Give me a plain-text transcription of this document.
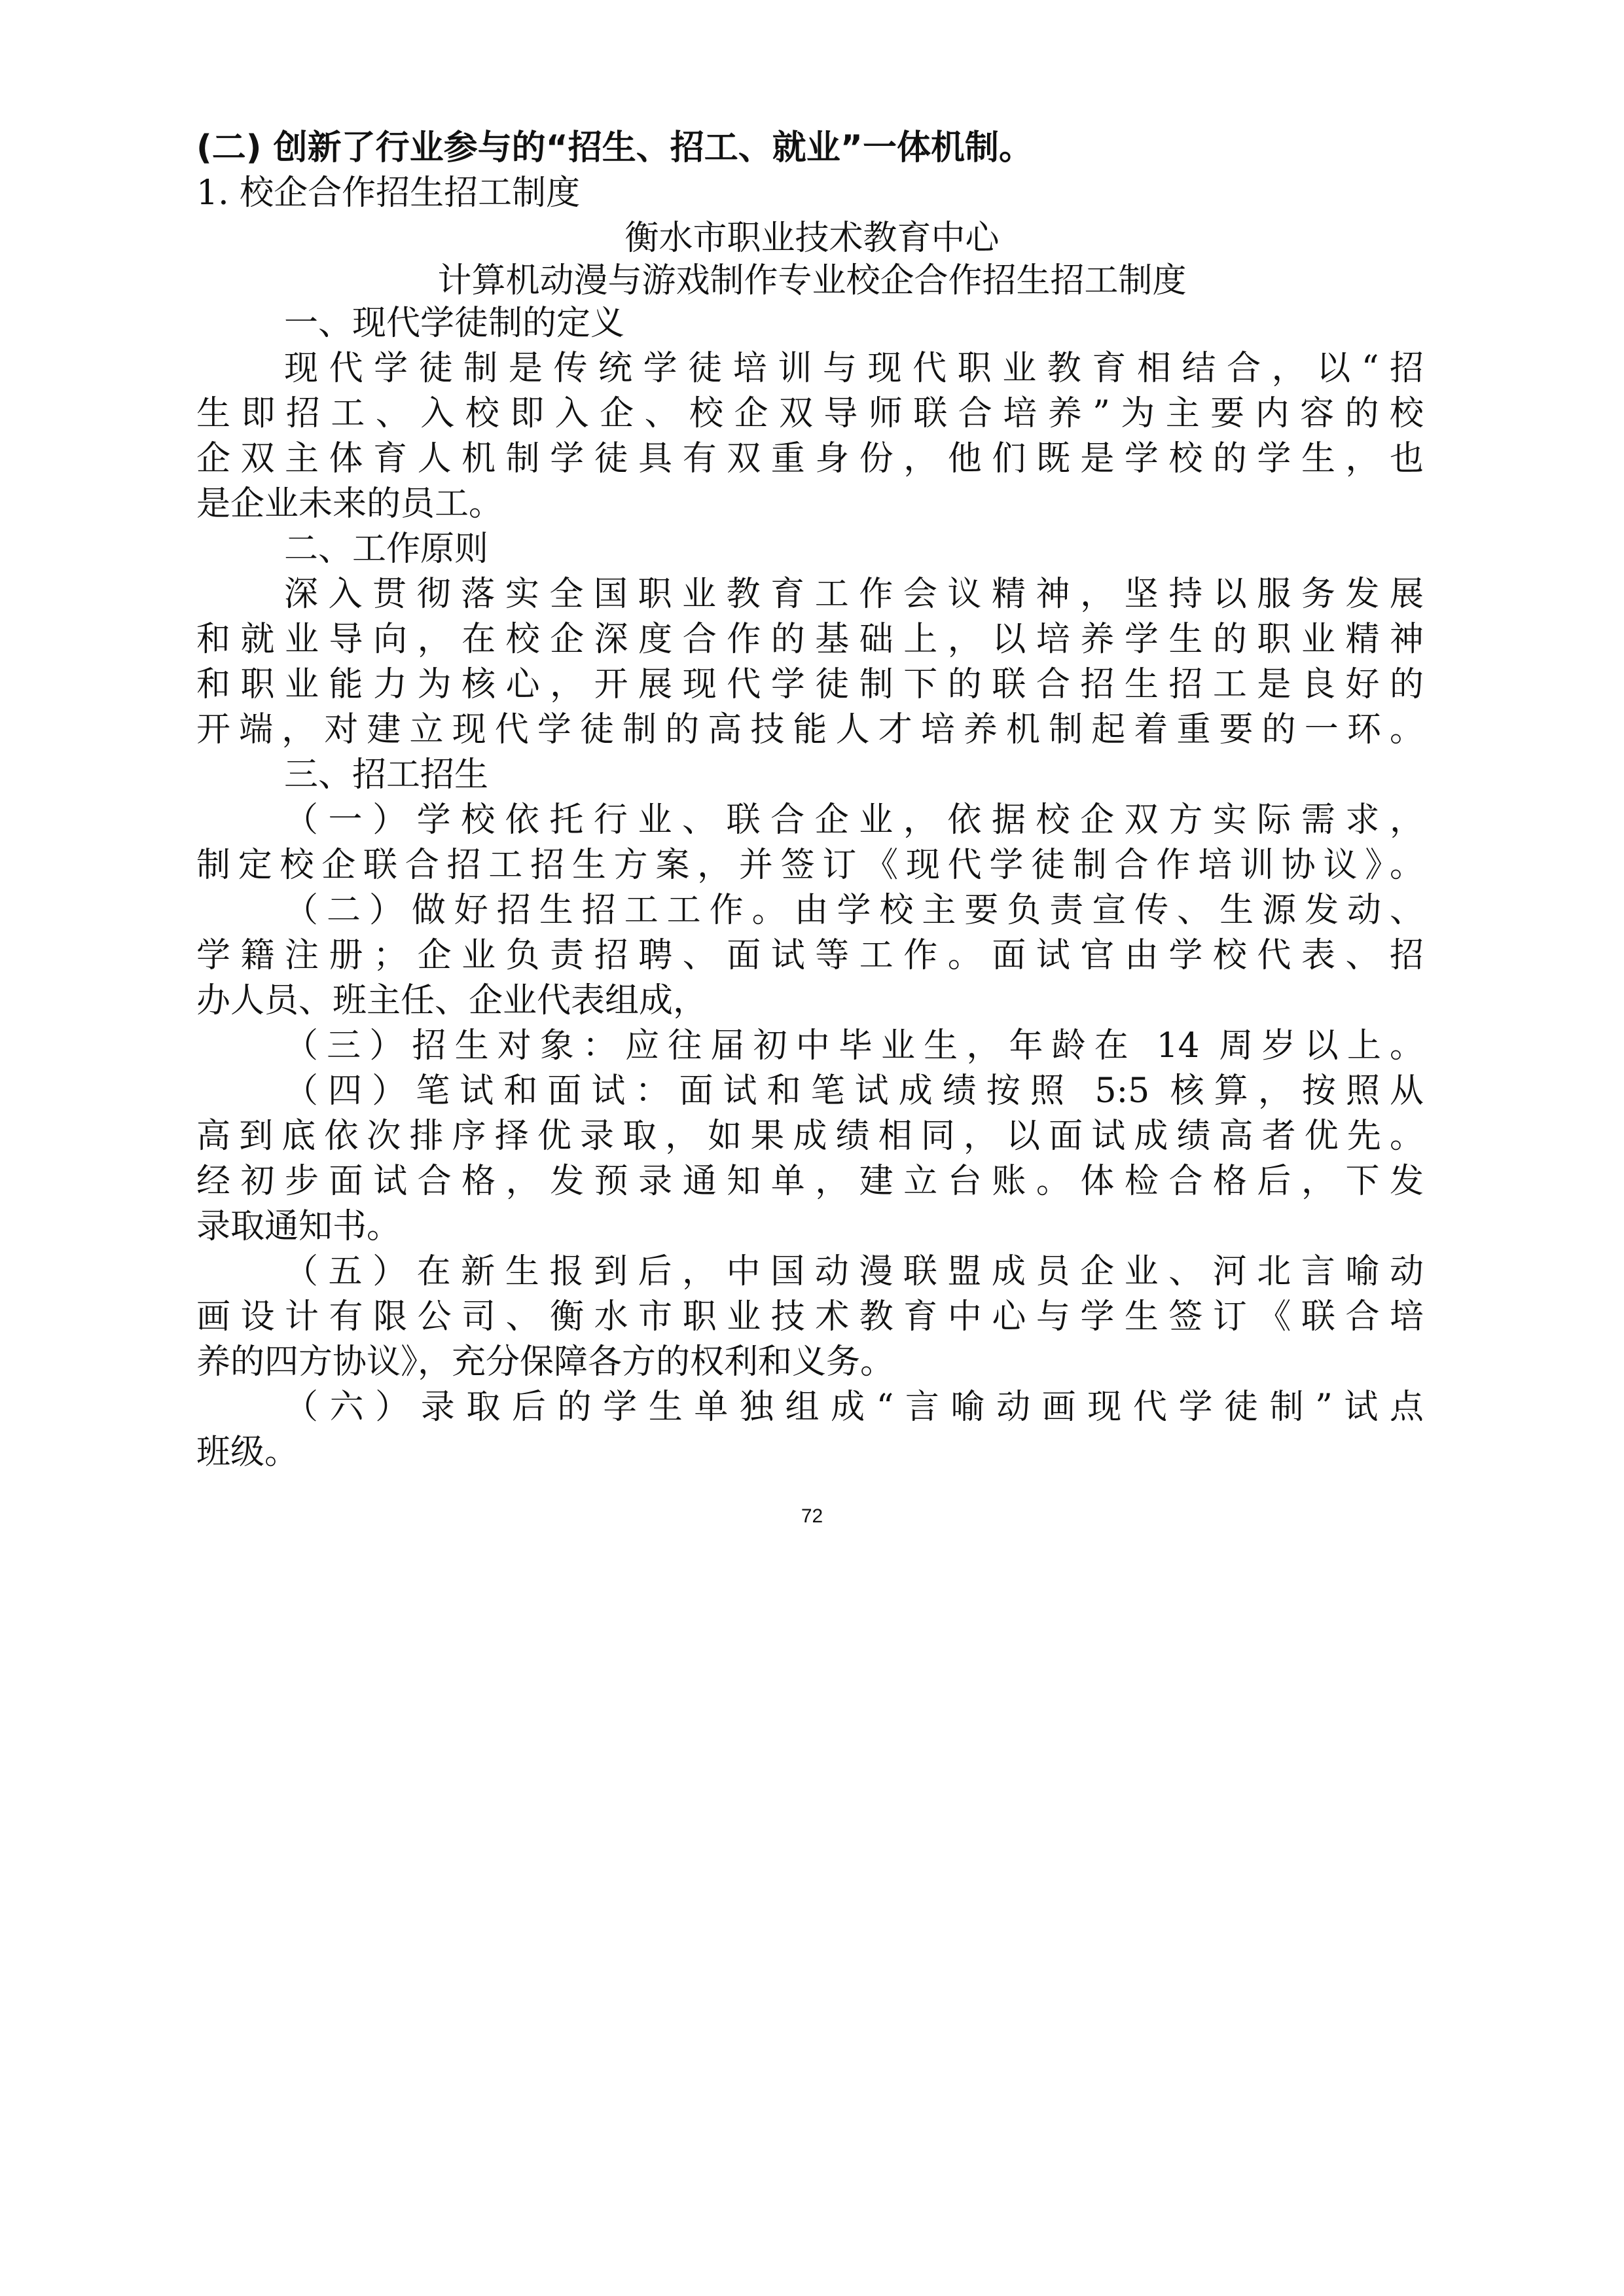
(二) 创新了行业参与的“招生、招工、就业”一体机制。
1. 校企合作招生招工制度
衡水市职业技术教育中心
计算机动漫与游戏制作专业校企合作招生招工制度
72
一、现代学徒制的定义
现代学徒制是传统学徒培训与现代职业教育相结合，以“招
生即招工、入校即入企、校企双导师联合培养”为主要内容的校
企双主体育人机制学徒具有双重身份，他们既是学校的学生，也
是企业未来的员工。
二、工作原则
深入贯彻落实全国职业教育工作会议精神，坚持以服务发展
和就业导向，在校企深度合作的基础上，以培养学生的职业精神
和职业能力为核心，开展现代学徒制下的联合招生招工是良好的
开端，对建立现代学徒制的高技能人才培养机制起着重要的一环。
三、招工招生
（一）学校依托行业、联合企业，依据校企双方实际需求，
制定校企联合招工招生方案，并签订《现代学徒制合作培训协议》。
（二）做好招生招工工作。由学校主要负责宣传、生源发动、
学籍注册；企业负责招聘、面试等工作。面试官由学校代表、招
办人员、班主任、企业代表组成，
（三）招生对象：应往届初中毕业生，年龄在 14 周岁以上。
（四）笔试和面试：面试和笔试成绩按照 5:5 核算，按照从
高到底依次排序择优录取，如果成绩相同，以面试成绩高者优先。
经初步面试合格，发预录通知单，建立台账。体检合格后，下发
录取通知书。
（五）在新生报到后，中国动漫联盟成员企业、河北言喻动
画设计有限公司、衡水市职业技术教育中心与学生签订《联合培
养的四方协议》，充分保障各方的权利和义务。
（六）录取后的学生单独组成“言喻动画现代学徒制”试点
班级。
